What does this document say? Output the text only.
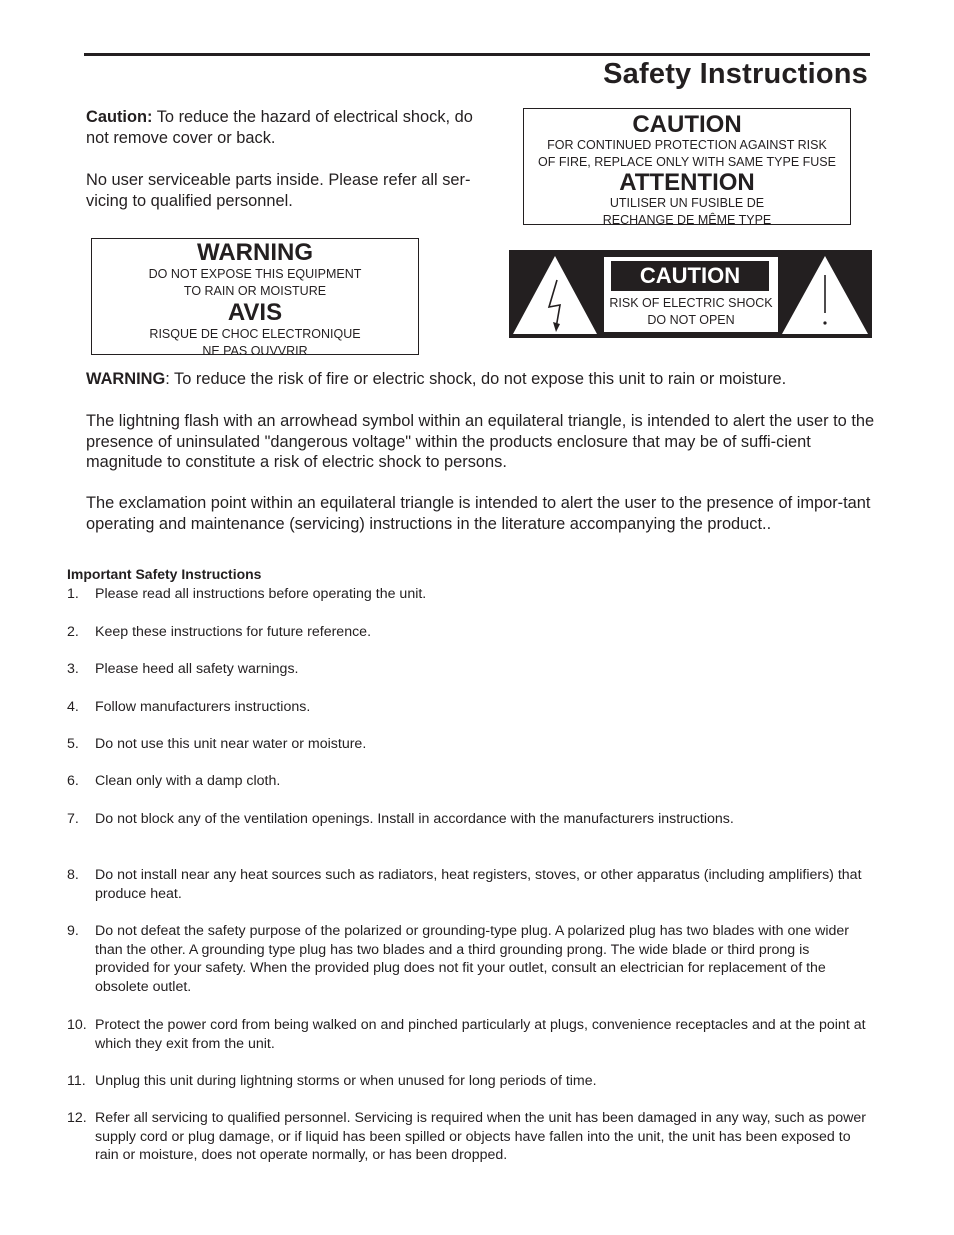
Safety Instructions

Caution: To reduce the hazard of electrical shock, do not remove cover or back.

No user serviceable parts inside. Please refer all ser-vicing to qualified personnel.

CAUTION
FOR CONTINUED PROTECTION AGAINST RISK
OF FIRE, REPLACE ONLY WITH SAME TYPE FUSE
ATTENTION
UTILISER UN FUSIBLE DE
RECHANGE DE MÊME TYPE
WARNING
DO NOT EXPOSE THIS EQUIPMENT
TO RAIN OR MOISTURE
AVIS
RISQUE DE CHOC ELECTRONIQUE
NE PAS OUVVRIR
CAUTION
RISK OF ELECTRIC SHOCK
DO NOT OPEN

WARNING: To reduce the risk of fire or electric shock, do not expose this unit to rain or moisture.

The lightning flash with an arrowhead symbol within an equilateral triangle, is intended to alert the user to the presence of uninsulated "dangerous voltage" within the products enclosure that may be of suffi-cient magnitude to constitute a risk of electric shock to persons.

The exclamation point within an equilateral triangle is intended to alert the user to the presence of impor-tant operating and maintenance (servicing) instructions in the literature accompanying the product..

Important Safety Instructions
1. Please read all instructions before operating the unit.
2. Keep these instructions for future reference.
3. Please heed all safety warnings.
4. Follow manufacturers instructions.
5. Do not use this unit near water or moisture.
6. Clean only with a damp cloth.
7. Do not block any of the ventilation openings. Install in accordance with the manufacturers instructions.
8. Do not install near any heat sources such as radiators, heat registers, stoves, or other apparatus (including amplifiers) that produce heat.
9. Do not defeat the safety purpose of the polarized or grounding-type plug. A polarized plug has two blades with one wider than the other. A grounding type plug has two blades and a third grounding prong. The wide blade or third prong is provided for your safety. When the provided plug does not fit your outlet, consult an electrician for replacement of the obsolete outlet.
10. Protect the power cord from being walked on and pinched particularly at plugs, convenience receptacles and at the point at which they exit from the unit.
11. Unplug this unit during lightning storms or when unused for long periods of time.
12. Refer all servicing to qualified personnel. Servicing is required when the unit has been damaged in any way, such as power supply cord or plug damage, or if liquid has been spilled or objects have fallen into the unit, the unit has been exposed to rain or moisture, does not operate normally, or has been dropped.
